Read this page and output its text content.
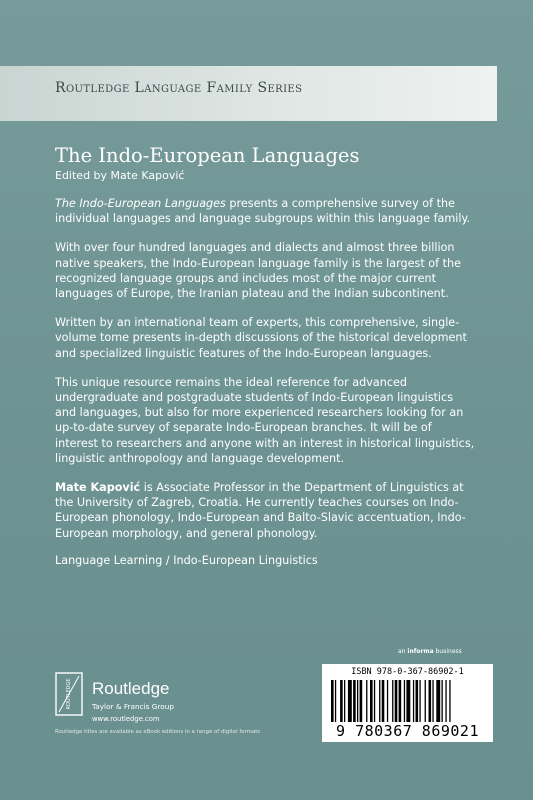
Routledge Language Family Series
The Indo-European Languages
Edited by Mate Kapović

The Indo-European Languages presents a comprehensive survey of the individual languages and language subgroups within this language family.

With over four hundred languages and dialects and almost three billion native speakers, the Indo-European language family is the largest of the recognized language groups and includes most of the major current languages of Europe, the Iranian plateau and the Indian subcontinent.

Written by an international team of experts, this comprehensive, single-volume tome presents in-depth discussions of the historical development and specialized linguistic features of the Indo-European languages.

This unique resource remains the ideal reference for advanced undergraduate and postgraduate students of Indo-European linguistics and languages, but also for more experienced researchers looking for an up-to-date survey of separate Indo-European branches. It will be of interest to researchers and anyone with an interest in historical linguistics, linguistic anthropology and language development.

Mate Kapović is Associate Professor in the Department of Linguistics at the University of Zagreb, Croatia. He currently teaches courses on Indo-European phonology, Indo-European and Balto-Slavic accentuation, Indo-European morphology, and general phonology.

Language Learning / Indo-European Linguistics

an informa business
ISBN 978-0-367-86902-1
9 780367 869021
ROUTLEDGE Routledge
Taylor & Francis Group
www.routledge.com
Routledge titles are available as eBook editions in a range of digital formats
